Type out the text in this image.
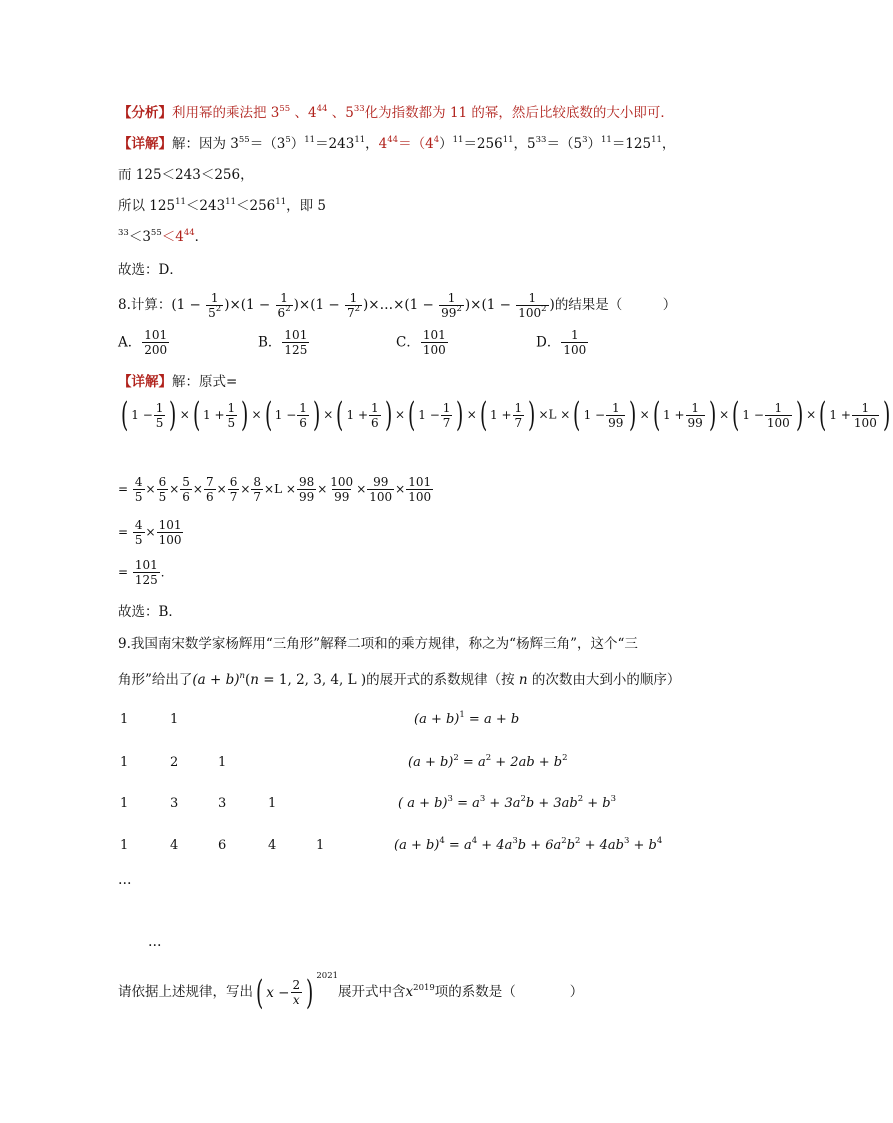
【分析】利用幂的乘法把 $3^{55}$ 、$4^{44}$ 、$5^{33}$化为指数都为 11 的幂，然后比较底数的大小即可．
【详解】解：因为 $3^{55}=(3^5)^{11}=243^{11}$，$4^{44}=(4^4)^{11}=256^{11}$，$5^{33}=(5^3)^{11}=125^{11}$，
而 125＜243＜256，
所以 $125^{11}<243^{11}<256^{11}$，即 5
$^{33}<3^{55}<4^{44}$．
故选：D．
8.计算：$(1 - \frac{1}{5^2} )\times(1 - \frac{1}{6^2} )\times(1 - \frac{1}{7^2}$ )×…×(1 − $\frac{1}{99^2} )\times(1 - \frac{1}{100^2}$ )的结果是（　　　）
A． $\frac{101}{200}$	B． $\frac{101}{125}$	C． $\frac{101}{100}$	D． $\frac{1}{100}$
【详解】解：原式=
( 1 −
1
5 ) × ( 1 +
1
5 ) × ( 1 −
1
6 ) × ( 1 +
1
6 ) × ( 1 −
1
7 ) × ( 1 +
1
7 ) ×L × ( 1 −
1
99 ) × ( 1 +
1
99 ) × ( 1 −
1
100 ) × ( 1 +
1
100 )
= $\frac{4}{5} \times \frac{6}{5} \times \frac{5}{6} \times \frac{7}{6} \times \frac{6}{7} \times \frac{8}{7} \times L \times \frac{98}{99} \times \frac{100}{99} \times \frac{99}{100} \times \frac{101}{100}$
= $\frac{4}{5} \times \frac{101}{100}$
= $\frac{101}{125}$ ．
故选：B．
9.我国南宋数学家杨辉用“三角形”解释二项和的乘方规律，称之为“杨辉三角”，这个“三
角形”给出了$(a + b)^n(n = 1$, 2, 3, 4, L )的展开式的系数规律（按 n 的次数由大到小的顺序）
1	1	$(a + b)^1 = a + b$
1	2	1	$(a + b)^2 = a^2 + 2ab + b^2$
1	3	3	1	( $a + b)^3 = a^3 + 3a^2b + 3ab^2 + b^3$
1	4	6	4	1	$(a + b)^4 = a^4 + 4a^3b + 6a^2b^2 + 4ab^3 + b^4$
…
…
请依据上述规律，写出 ( $x - \frac{2}{x}$ ) $^{2021}$展开式中含$x^{2019}$项的系数是（　　　　）
